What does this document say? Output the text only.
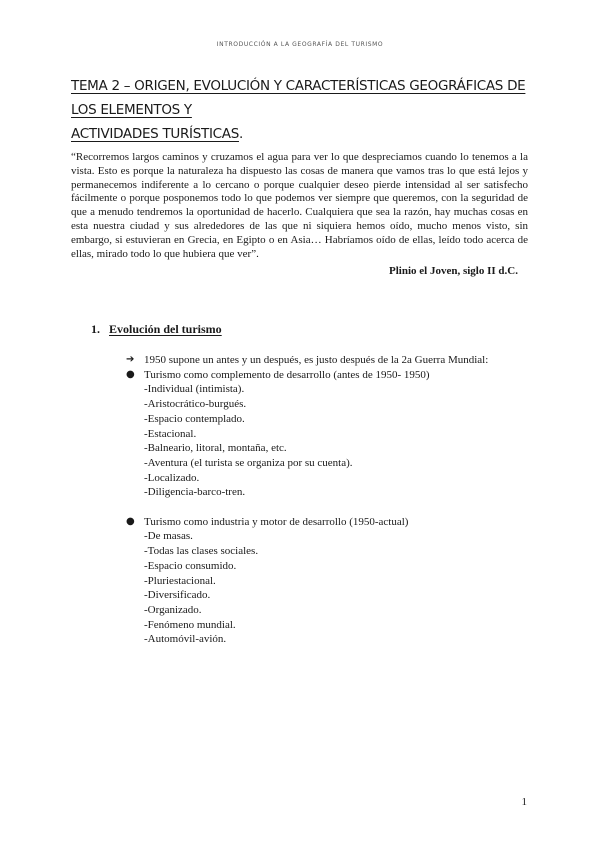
INTRODUCCIÓN A LA GEOGRAFÍA DEL TURISMO
TEMA 2 – ORIGEN, EVOLUCIÓN Y CARACTERÍSTICAS GEOGRÁFICAS DE LOS ELEMENTOS Y
ACTIVIDADES TURÍSTICAS.

“Recorremos largos caminos y cruzamos el agua para ver lo que despreciamos cuando lo tenemos a la vista. Esto es porque la naturaleza ha dispuesto las cosas de manera que vamos tras lo que está lejos y permanecemos indiferente a lo cercano o porque cualquier deseo pierde intensidad al ser satisfecho fácilmente o porque posponemos todo lo que podemos ver siempre que queremos, con la seguridad de que a menudo tendremos la oportunidad de hacerlo. Cualquiera que sea la razón, hay muchas cosas en esta nuestra ciudad y sus alrededores de las que ni siquiera hemos oído, mucho menos visto, sin embargo, si estuvieran en Grecia, en Egipto o en Asia… Habríamos oído de ellas, leído todo acerca de ellas, mirado todo lo que hubiera que ver”.

Plinio el Joven, siglo II d.C.

1. Evolución del turismo

➔ 1950 supone un antes y un después, es justo después de la 2a Guerra Mundial:

● Turismo como complemento de desarrollo (antes de 1950- 1950)

-Individual (intimista).

-Aristocrático-burgués.

-Espacio contemplado.

-Estacional.

-Balneario, litoral, montaña, etc.

-Aventura (el turista se organiza por su cuenta).

-Localizado.

-Diligencia-barco-tren.

● Turismo como industria y motor de desarrollo (1950-actual)

-De masas.

-Todas las clases sociales.

-Espacio consumido.

-Pluriestacional.

-Diversificado.

-Organizado.

-Fenómeno mundial.

-Automóvil-avión.

1
